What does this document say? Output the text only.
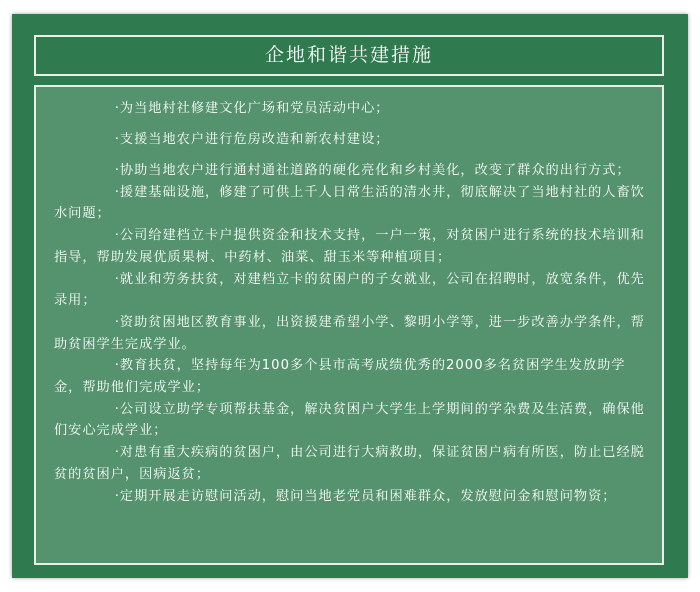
企地和谐共建措施
·为当地村社修建文化广场和党员活动中心；
·支援当地农户进行危房改造和新农村建设；
·协助当地农户进行通村通社道路的硬化亮化和乡村美化，改变了群众的出行方式；
·援建基础设施，修建了可供上千人日常生活的清水井，彻底解决了当地村社的人畜饮水问题；
·公司给建档立卡户提供资金和技术支持，一户一策，对贫困户进行系统的技术培训和指导，帮助发展优质果树、中药材、油菜、甜玉米等种植项目；
·就业和劳务扶贫，对建档立卡的贫困户的子女就业，公司在招聘时，放宽条件，优先录用；
·资助贫困地区教育事业，出资援建希望小学、黎明小学等，进一步改善办学条件，帮助贫困学生完成学业。
·教育扶贫，坚持每年为100多个县市高考成绩优秀的2000多名贫困学生发放助学金，帮助他们完成学业；
·公司设立助学专项帮扶基金，解决贫困户大学生上学期间的学杂费及生活费，确保他们安心完成学业；
·对患有重大疾病的贫困户，由公司进行大病救助，保证贫困户病有所医，防止已经脱贫的贫困户，因病返贫；
·定期开展走访慰问活动，慰问当地老党员和困难群众，发放慰问金和慰问物资；
